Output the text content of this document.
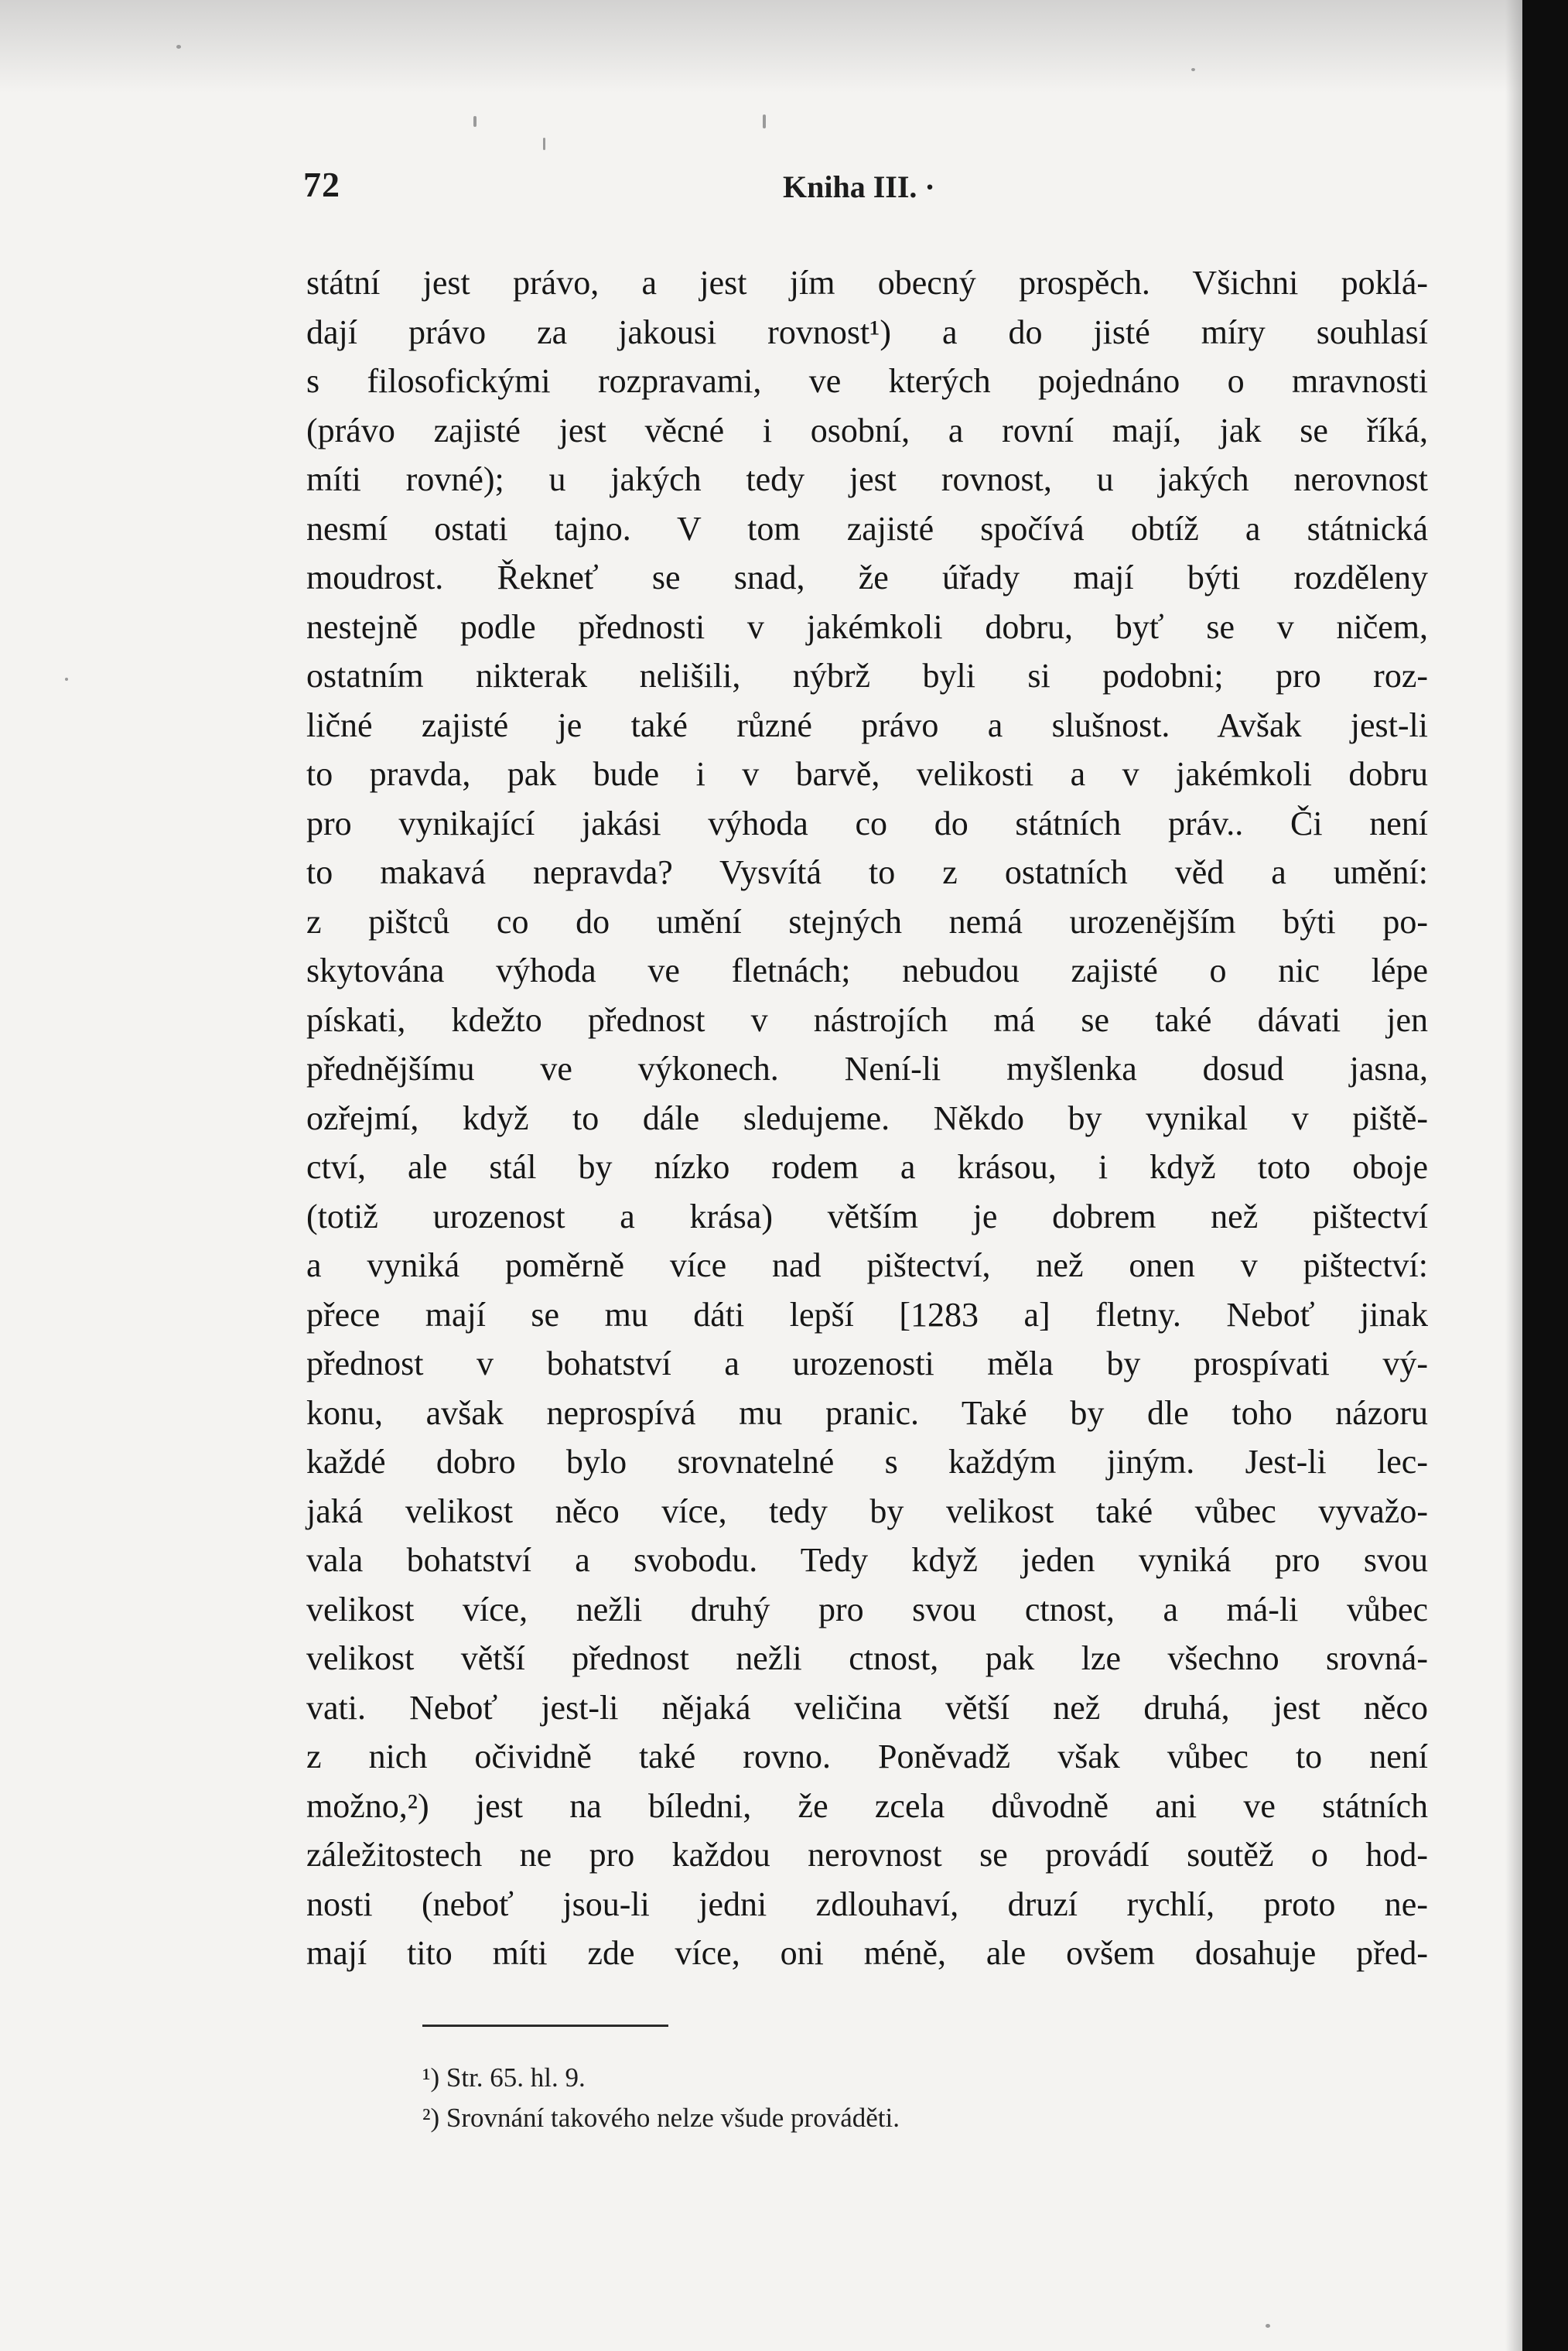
72	Kniha III. ·
státní jest právo, a jest jím obecný prospěch. Všichni poklá-
dají právo za jakousi rovnost¹) a do jisté míry souhlasí
s filosofickými rozpravami, ve kterých pojednáno o mravnosti
(právo zajisté jest věcné i osobní, a rovní mají, jak se říká,
míti rovné); u jakých tedy jest rovnost, u jakých nerovnost
nesmí ostati tajno. V tom zajisté spočívá obtíž a státnická
moudrost. Řekneť se snad, že úřady mají býti rozděleny
nestejně podle přednosti v jakémkoli dobru, byť se v ničem,
ostatním nikterak nelišili, nýbrž byli si podobni; pro roz-
ličné zajisté je také různé právo a slušnost. Avšak jest-li
to pravda, pak bude i v barvě, velikosti a v jakémkoli dobru
pro vynikající jakási výhoda co do státních práv.. Či není
to makavá nepravda? Vysvítá to z ostatních věd a umění:
z pištců co do umění stejných nemá urozenějším býti po-
skytována výhoda ve fletnách; nebudou zajisté o nic lépe
pískati, kdežto přednost v nástrojích má se také dávati jen
přednějšímu ve výkonech. Není-li myšlenka dosud jasna,
ozřejmí, když to dále sledujeme. Někdo by vynikal v piště-
ctví, ale stál by nízko rodem a krásou, i když toto oboje
(totiž urozenost a krása) větším je dobrem než pištectví
a vyniká poměrně více nad pištectví, než onen v pištectví:
přece mají se mu dáti lepší [1283 a] fletny. Neboť jinak
přednost v bohatství a urozenosti měla by prospívati vý-
konu, avšak neprospívá mu pranic. Také by dle toho názoru
každé dobro bylo srovnatelné s každým jiným. Jest-li lec-
jaká velikost něco více, tedy by velikost také vůbec vyvažo-
vala bohatství a svobodu. Tedy když jeden vyniká pro svou
velikost více, nežli druhý pro svou ctnost, a má-li vůbec
velikost větší přednost nežli ctnost, pak lze všechno srovná-
vati. Neboť jest-li nějaká veličina větší než druhá, jest něco
z nich očividně také rovno. Poněvadž však vůbec to není
možno,²) jest na bíledni, že zcela důvodně ani ve státních
záležitostech ne pro každou nerovnost se provádí soutěž o hod-
nosti (neboť jsou-li jedni zdlouhaví, druzí rychlí, proto ne-
mají tito míti zde více, oni méně, ale ovšem dosahuje před-
¹) Str. 65. hl. 9.
²) Srovnání takového nelze všude prováděti.
